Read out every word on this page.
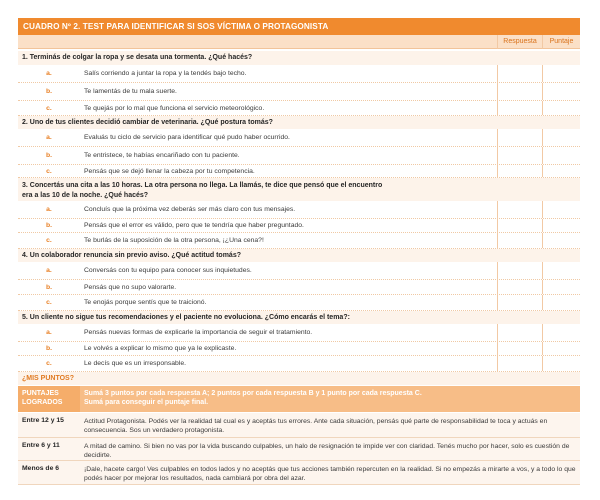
CUADRO Nº 2. TEST PARA IDENTIFICAR SI SOS VÍCTIMA O PROTAGONISTA
Respuesta	Puntaje
1. Terminás de colgar la ropa y se desata una tormenta. ¿Qué hacés?
a.	Salís corriendo a juntar la ropa y la tendés bajo techo.
b.	Te lamentás de tu mala suerte.
c.	Te quejás por lo mal que funciona el servicio meteorológico.
2. Uno de tus clientes decidió cambiar de veterinaria. ¿Qué postura tomás?
a.	Evaluás tu ciclo de servicio para identificar qué pudo haber ocurrido.
b.	Te entristece, te habías encariñado con tu paciente.
c.	Pensás que se dejó llenar la cabeza por tu competencia.
3. Concertás una cita a las 10 horas. La otra persona no llega. La llamás, te dice que pensó que el encuentro
era a las 10 de la noche. ¿Qué hacés?
a.	Concluís que la próxima vez deberás ser más claro con tus mensajes.
b.	Pensás que el error es válido, pero que te tendría que haber preguntado.
c.	Te burlás de la suposición de la otra persona, ¡¿Una cena?!
4. Un colaborador renuncia sin previo aviso. ¿Qué actitud tomás?
a.	Conversás con tu equipo para conocer sus inquietudes.
b.	Pensás que no supo valorarte.
c.	Te enojás porque sentís que te traicionó.
5. Un cliente no sigue tus recomendaciones y el paciente no evoluciona. ¿Cómo encarás el tema?:
a.	Pensás nuevas formas de explicarle la importancia de seguir el tratamiento.
b.	Le volvés a explicar lo mismo que ya le explicaste.
c.	Le decís que es un irresponsable.
¿MIS PUNTOS?
PUNTAJES
LOGRADOS
Sumá 3 puntos por cada respuesta A; 2 puntos por cada respuesta B y 1 punto por cada respuesta C.
Sumá para conseguir el puntaje final.
Entre 12 y 15	Actitud Protagonista. Podés ver la realidad tal cual es y aceptás tus errores. Ante cada situación, pensás qué parte de responsabilidad te toca y actuás en consecuencia. Sos un verdadero protagonista.
Entre 6 y 11	A mitad de camino. Si bien no vas por la vida buscando culpables, un halo de resignación te impide ver con claridad. Tenés mucho por hacer, solo es cuestión de decidirte.
Menos de 6	¡Dale, hacete cargo! Ves culpables en todos lados y no aceptás que tus acciones también repercuten en la realidad. Si no empezás a mirarte a vos, y a todo lo que podés hacer por mejorar los resultados, nada cambiará por obra del azar.
